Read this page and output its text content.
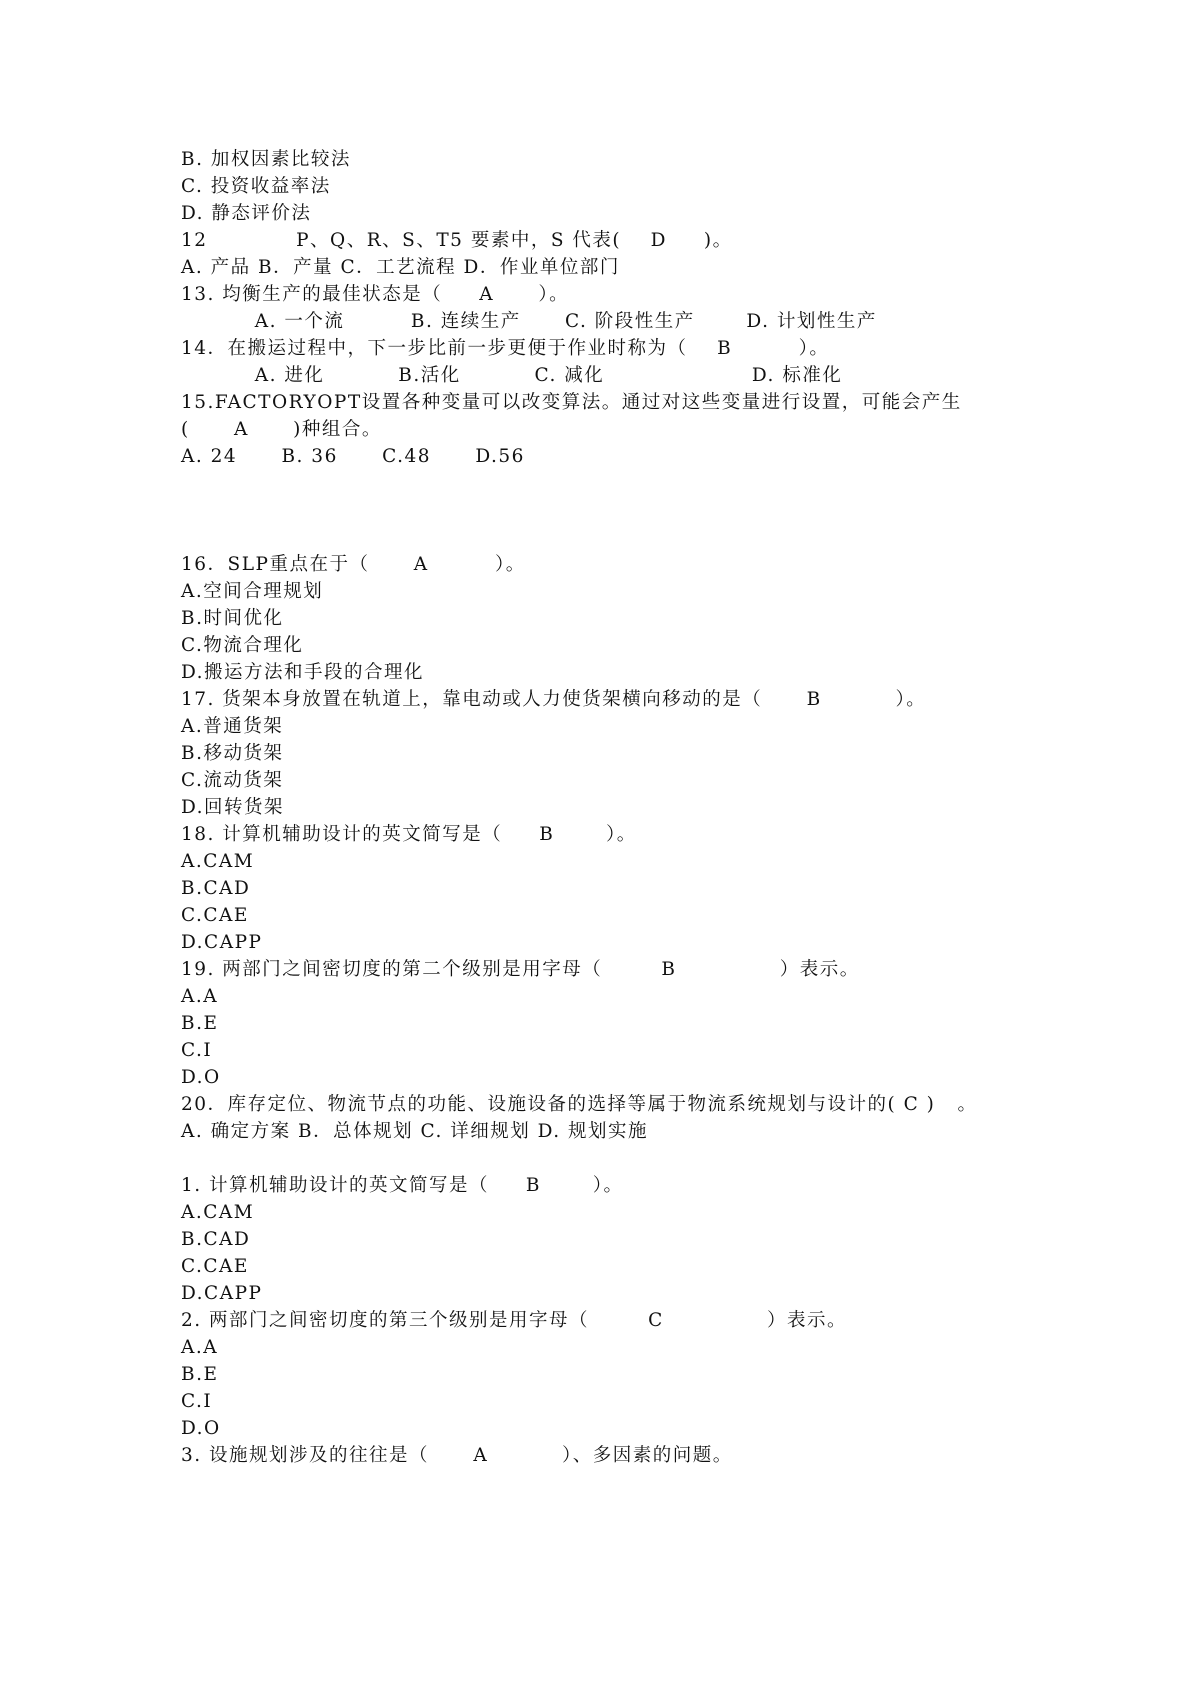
B. 加权因素比较法
C. 投资收益率法
D. 静态评价法
12            P、Q、R、S、T5 要素中，S 代表(    D     )。
A. 产品 B．产量 C．工艺流程 D．作业单位部门
13. 均衡生产的最佳状态是（     A      ）。
A. 一个流         B. 连续生产      C. 阶段性生产       D. 计划性生产
14．在搬运过程中，下一步比前一步更便于作业时称为（    B         ）。
A. 进化          B.活化          C. 减化                    D. 标准化
15.FACTORYOPT设置各种变量可以改变算法。通过对这些变量进行设置，可能会产生
(      A      )种组合。
A. 24      B. 36      C.48      D.56
16．SLP重点在于（      A         ）。
A.空间合理规划
B.时间优化
C.物流合理化
D.搬运方法和手段的合理化
17. 货架本身放置在轨道上，靠电动或人力使货架横向移动的是（      B          ）。
A.普通货架
B.移动货架
C.流动货架
D.回转货架
18. 计算机辅助设计的英文简写是（     B       ）。
A.CAM
B.CAD
C.CAE
D.CAPP
19. 两部门之间密切度的第二个级别是用字母（        B              ）表示。
A.A
B.E
C.I
D.O
20．库存定位、物流节点的功能、设施设备的选择等属于物流系统规划与设计的( C )   。
A. 确定方案 B．总体规划 C. 详细规划 D. 规划实施
1. 计算机辅助设计的英文简写是（     B       ）。
A.CAM
B.CAD
C.CAE
D.CAPP
2. 两部门之间密切度的第三个级别是用字母（        C              ）表示。
A.A
B.E
C.I
D.O
3. 设施规划涉及的往往是（      A          ）、多因素的问题。
